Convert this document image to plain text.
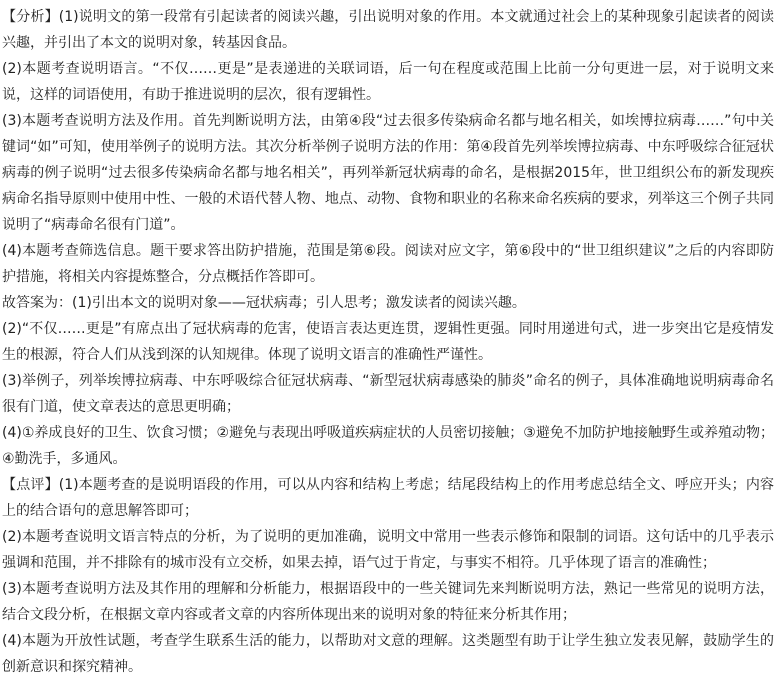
【分析】(1)说明文的第一段常有引起读者的阅读兴趣，引出说明对象的作用。本文就通过社会上的某种现象引起读者的阅读兴趣，并引出了本文的说明对象，转基因食品。

(2)本题考查说明语言。“不仅……更是”是表递进的关联词语，后一句在程度或范围上比前一分句更进一层，对于说明文来说，这样的词语使用，有助于推进说明的层次，很有逻辑性。

(3)本题考查说明方法及作用。首先判断说明方法，由第④段“过去很多传染病命名都与地名相关，如埃博拉病毒……”句中关键词“如”可知，使用举例子的说明方法。其次分析举例子说明方法的作用：第④段首先列举埃博拉病毒、中东呼吸综合征冠状病毒的例子说明“过去很多传染病命名都与地名相关”，再列举新冠状病毒的命名，是根据2015年，世卫组织公布的新发现疾病命名指导原则中使用中性、一般的术语代替人物、地点、动物、食物和职业的名称来命名疾病的要求，列举这三个例子共同说明了“病毒命名很有门道”。

(4)本题考查筛选信息。题干要求答出防护措施，范围是第⑥段。阅读对应文字，第⑥段中的“世卫组织建议”之后的内容即防护措施，将相关内容提炼整合，分点概括作答即可。

故答案为：(1)引出本文的说明对象——冠状病毒；引人思考；激发读者的阅读兴趣。

(2)“不仅……更是”有席点出了冠状病毒的危害，使语言表达更连贯，逻辑性更强。同时用递进句式，进一步突出它是疫情发生的根源，符合人们从浅到深的认知规律。体现了说明文语言的准确性严谨性。

(3)举例子，列举埃博拉病毒、中东呼吸综合征冠状病毒、“新型冠状病毒感染的肺炎”命名的例子，具体准确地说明病毒命名很有门道，使文章表达的意思更明确；

(4)①养成良好的卫生、饮食习惯；②避免与表现出呼吸道疾病症状的人员密切接触；③避免不加防护地接触野生或养殖动物；④勤洗手，多通风。

【点评】(1)本题考查的是说明语段的作用，可以从内容和结构上考虑；结尾段结构上的作用考虑总结全文、呼应开头；内容上的结合语句的意思解答即可；

(2)本题考查说明文语言特点的分析，为了说明的更加准确，说明文中常用一些表示修饰和限制的词语。这句话中的几乎表示强调和范围，并不排除有的城市没有立交桥，如果去掉，语气过于肯定，与事实不相符。几乎体现了语言的准确性；

(3)本题考查说明方法及其作用的理解和分析能力，根据语段中的一些关键词先来判断说明方法，熟记一些常见的说明方法，结合文段分析，在根据文章内容或者文章的内容所体现出来的说明对象的特征来分析其作用；

(4)本题为开放性试题，考查学生联系生活的能力，以帮助对文意的理解。这类题型有助于让学生独立发表见解，鼓励学生的创新意识和探究精神。
